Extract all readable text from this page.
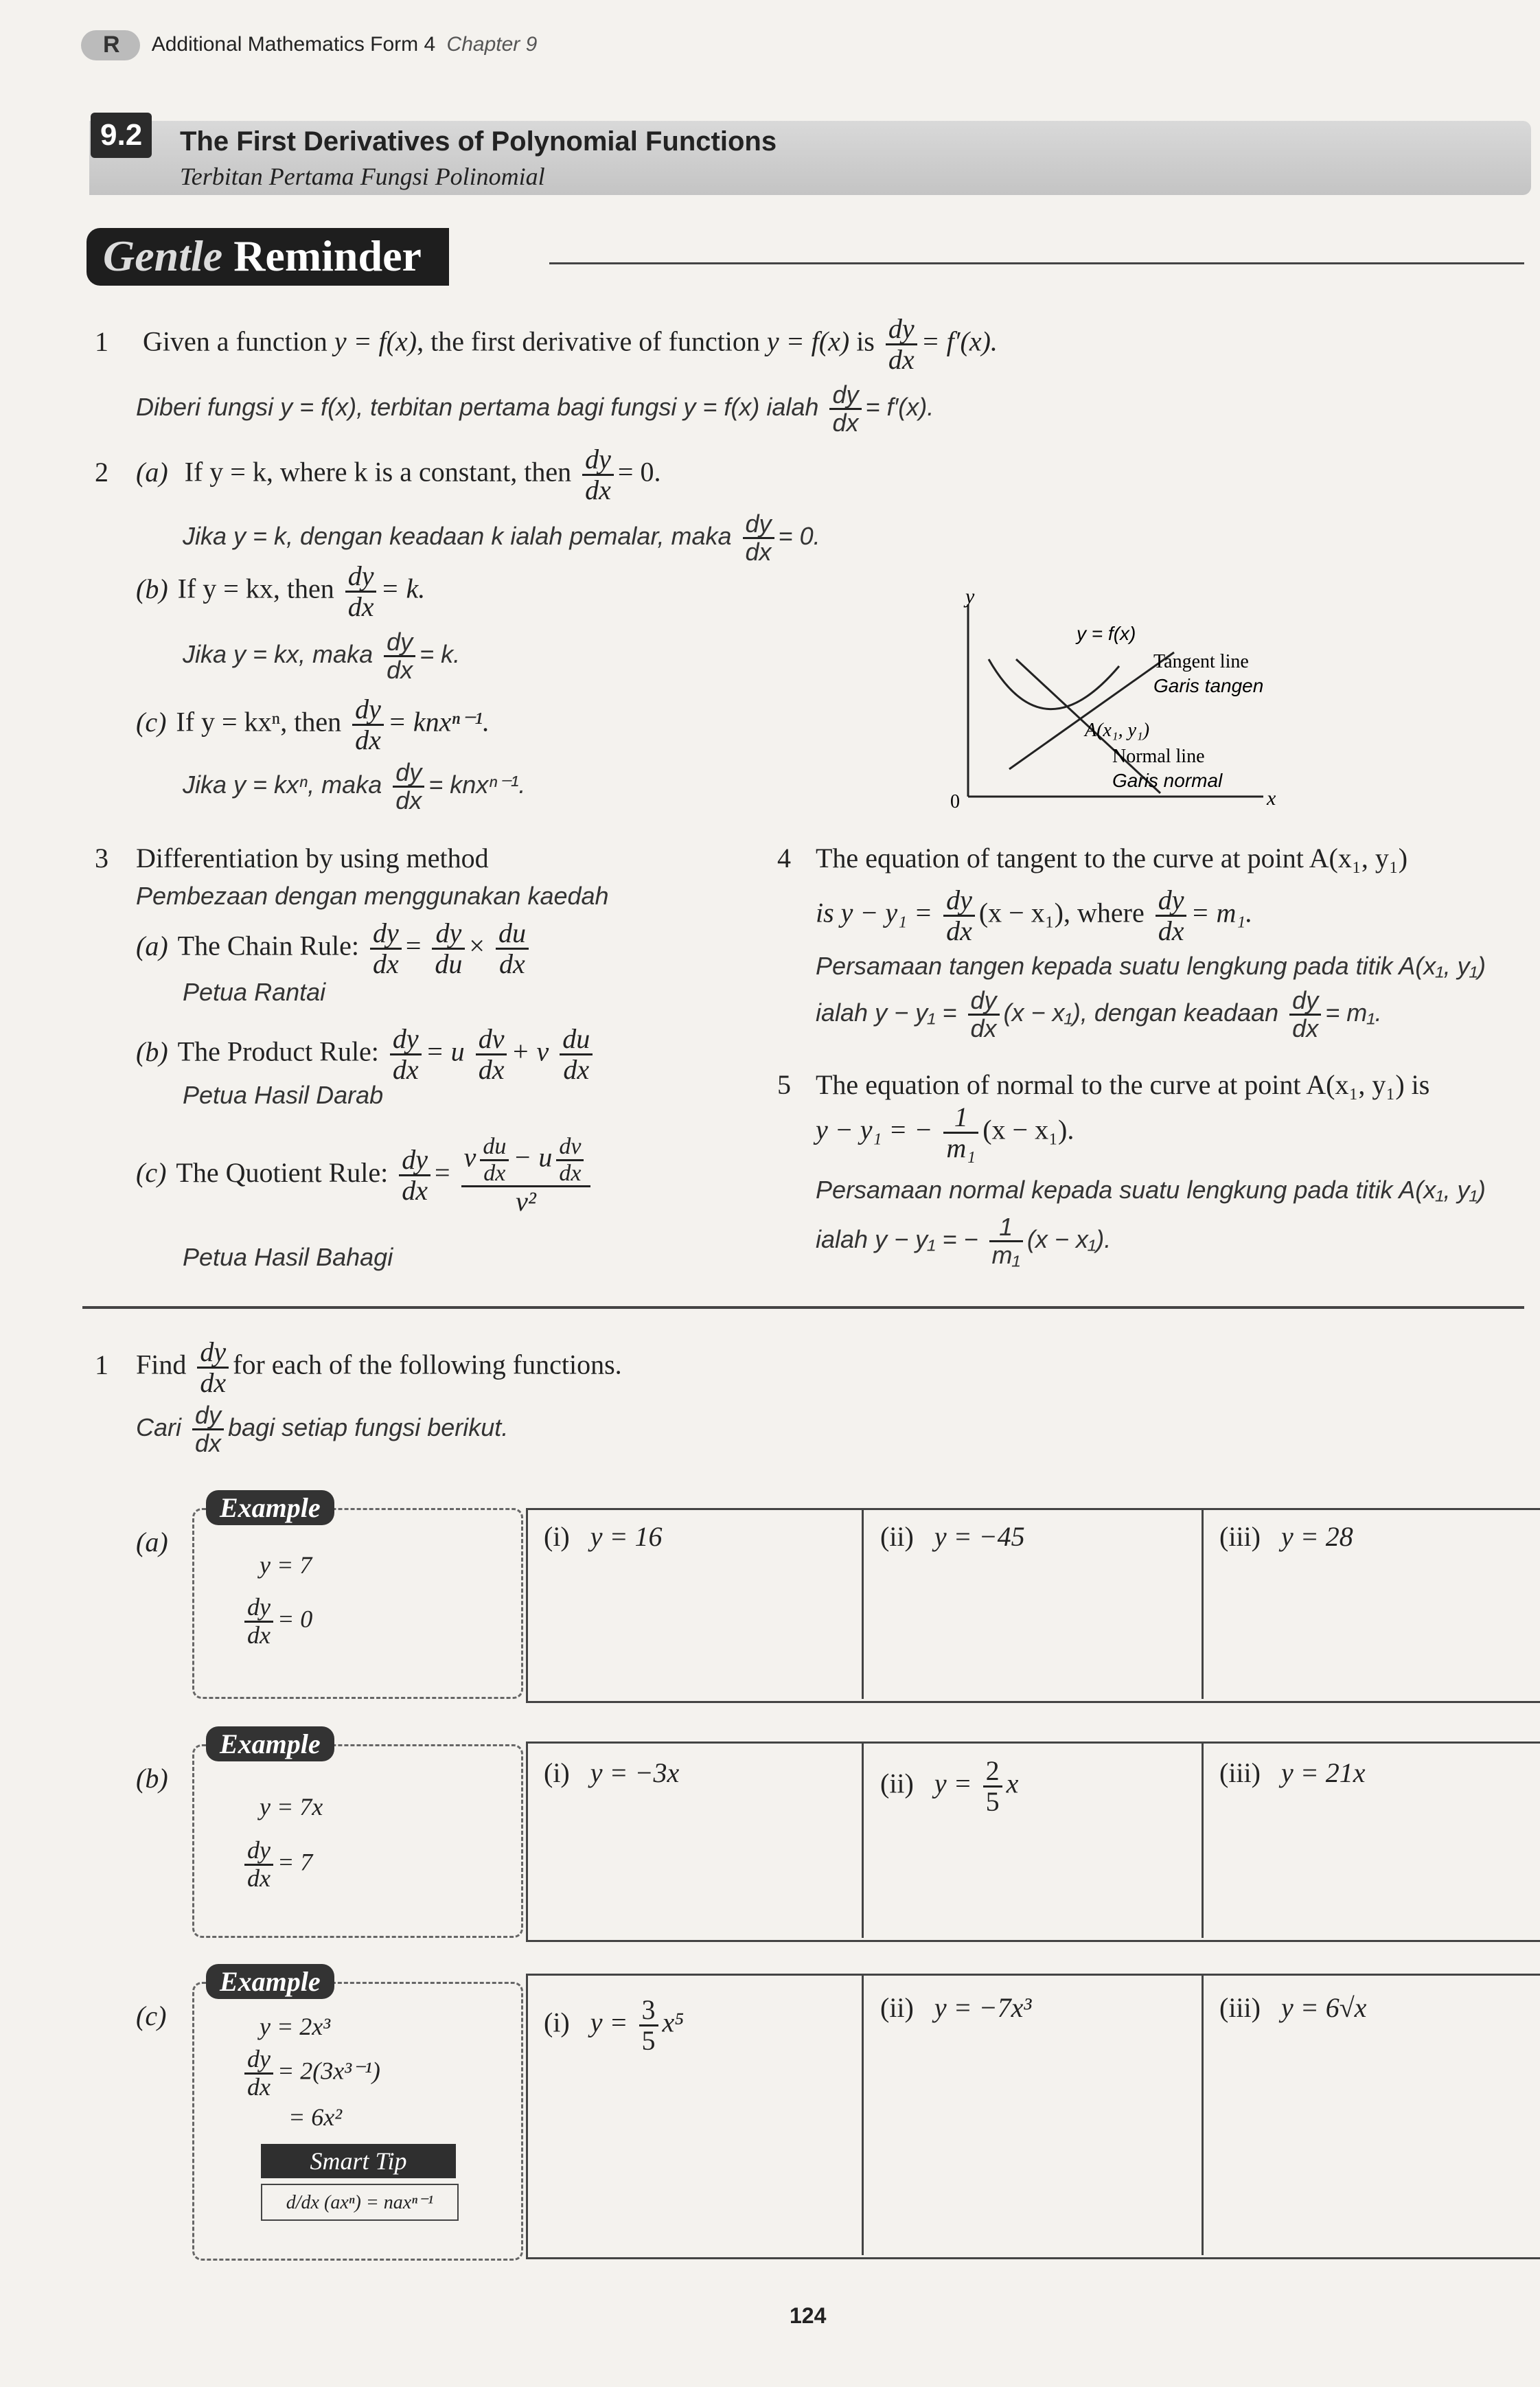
R Additional Mathematics Form 4 Chapter 9
9.2	The First Derivatives of Polynomial Functions
Terbitan Pertama Fungsi Polinomial
Gentle Reminder
1 Given a function y = f(x), the first derivative of function y = f(x) is $\frac{dy}{dx} = f'(x)$.
Diberi fungsi y = f(x), terbitan pertama bagi fungsi y = f(x) ialah $\frac{dy}{dx} = f'(x)$.
2 (a) If y = k, where k is a constant, then $\frac{dy}{dx} = 0$.
Jika y = k, dengan keadaan k ialah pemalar, maka $\frac{dy}{dx} = 0$.
(b) If y = kx, then $\frac{dy}{dx} = k$.
Jika y = kx, maka $\frac{dy}{dx} = k$.
(c) If y = kxⁿ, then $\frac{dy}{dx} = knx^{n-1}$.
Jika y = kxⁿ, maka $\frac{dy}{dx} = knx^{n-1}$.
y
x
0
y = f(x)
Tangent line
Garis tangen
A(x₁, y₁)
Normal line
Garis normal
3 Differentiation by using method
Pembezaan dengan menggunakan kaedah
(a) The Chain Rule: $\frac{dy}{dx} = \frac{dy}{du} \times \frac{du}{dx}$
Petua Rantai
(b) The Product Rule: $\frac{dy}{dx} = u \frac{dv}{dx} + v \frac{du}{dx}$
Petua Hasil Darab
(c) The Quotient Rule: $\frac{dy}{dx} = \frac{v \frac{du}{dx} - u \frac{dv}{dx}}{\text{v²}}$
Petua Hasil Bahagi
4 The equation of tangent to the curve at point A(x₁, y₁)
is $y - y_1 = \frac{dy}{dx} (x - x_1)$, where $\frac{dy}{dx} = m_1$.
Persamaan tangen kepada suatu lengkung pada titik A(x₁, y₁)
ialah $y - y_1 = \frac{dy}{dx} (x - x_1)$, dengan keadaan $\frac{dy}{dx} = m_1$.
5 The equation of normal to the curve at point A(x₁, y₁) is
y − y₁ = − $\frac{1}{\text{m₁}} (x - x_1)$.
Persamaan normal kepada suatu lengkung pada titik A(x₁, y₁)
ialah y − y₁ = − $\frac{1}{\text{m₁}} (x - x_1)$.
1 Find $\frac{dy}{dx}$ for each of the following functions.
Cari $\frac{dy}{dx}$ bagi setiap fungsi berikut.
(a)
Example
y = 7
$\frac{dy}{dx} = 0$
(i) y = 16	(ii) y = −45	(iii) y = 28
(b)
Example
y = 7x
$\frac{dy}{dx} = 7$
(i) y = −3x	(ii) $y = \frac{2}{5}$ x	(iii) y = 21x
(c)
Example
y = 2x³
$\frac{dy}{dx} = 2(3x^{3-1})$
= 6x²
Smart Tip
d/dx (axⁿ) = naxⁿ⁻¹
(i) $y = \frac{3}{5} x^5$	(ii) y = −7x³	(iii) y = 6√x
124
